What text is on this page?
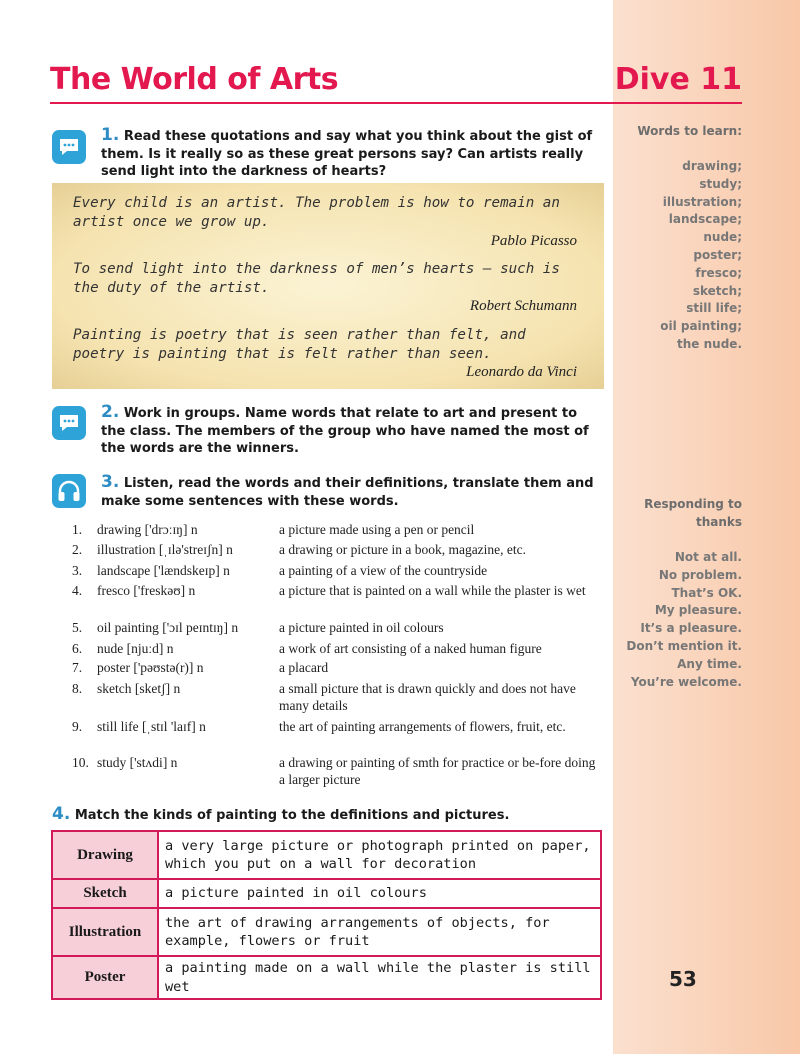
The World of Arts	Dive 11
1. Read these quotations and say what you think about the gist of them. Is it really so as these great persons say? Can artists really send light into the darkness of hearts?
Every child is an artist. The problem is how to remain an artist once we grow up.
Pablo Picasso
To send light into the darkness of men’s hearts — such is the duty of the artist.
Robert Schumann
Painting is poetry that is seen rather than felt, and poetry is painting that is felt rather than seen.
Leonardo da Vinci
2. Work in groups. Name words that relate to art and present to the class. The members of the group who have named the most of the words are the winners.
3. Listen, read the words and their definitions, translate them and make some sentences with these words.
1.	drawing ['drɔːɪŋ] n	a picture made using a pen or pencil
2.	illustration [ˌɪlə'streɪʃn] n	a drawing or picture in a book, magazine, etc.
3.	landscape ['lændskeɪp] n	a painting of a view of the countryside
4.	fresco ['freskəʊ] n	a picture that is painted on a wall while the plaster is wet
5.	oil painting ['ɔɪl peɪntɪŋ] n	a picture painted in oil colours
6.	nude [njuːd] n	a work of art consisting of a naked human figure
7.	poster ['pəʊstə(r)] n	a placard
8.	sketch [sketʃ] n	a small picture that is drawn quickly and does not have many details
9.	still life [ˌstɪl 'laɪf] n	the art of painting arrangements of flowers, fruit, etc.
10. study ['stʌdi] n	a drawing or painting of smth for practice or be-fore doing a larger picture
4. Match the kinds of painting to the definitions and pictures.
Drawing	a very large picture or photograph printed on paper, which you put on a wall for decoration
Sketch	a picture painted in oil colours
Illustration	the art of drawing arrangements of objects, for example, flowers or fruit
Poster	a painting made on a wall while the plaster is still wet
Words to learn:
drawing;
study;
illustration;
landscape;
nude;
poster;
fresco;
sketch;
still life;
oil painting;
the nude.
Responding to thanks
Not at all.
No problem.
That’s OK.
My pleasure.
It’s a pleasure.
Don’t mention it.
Any time.
You’re welcome.
53
